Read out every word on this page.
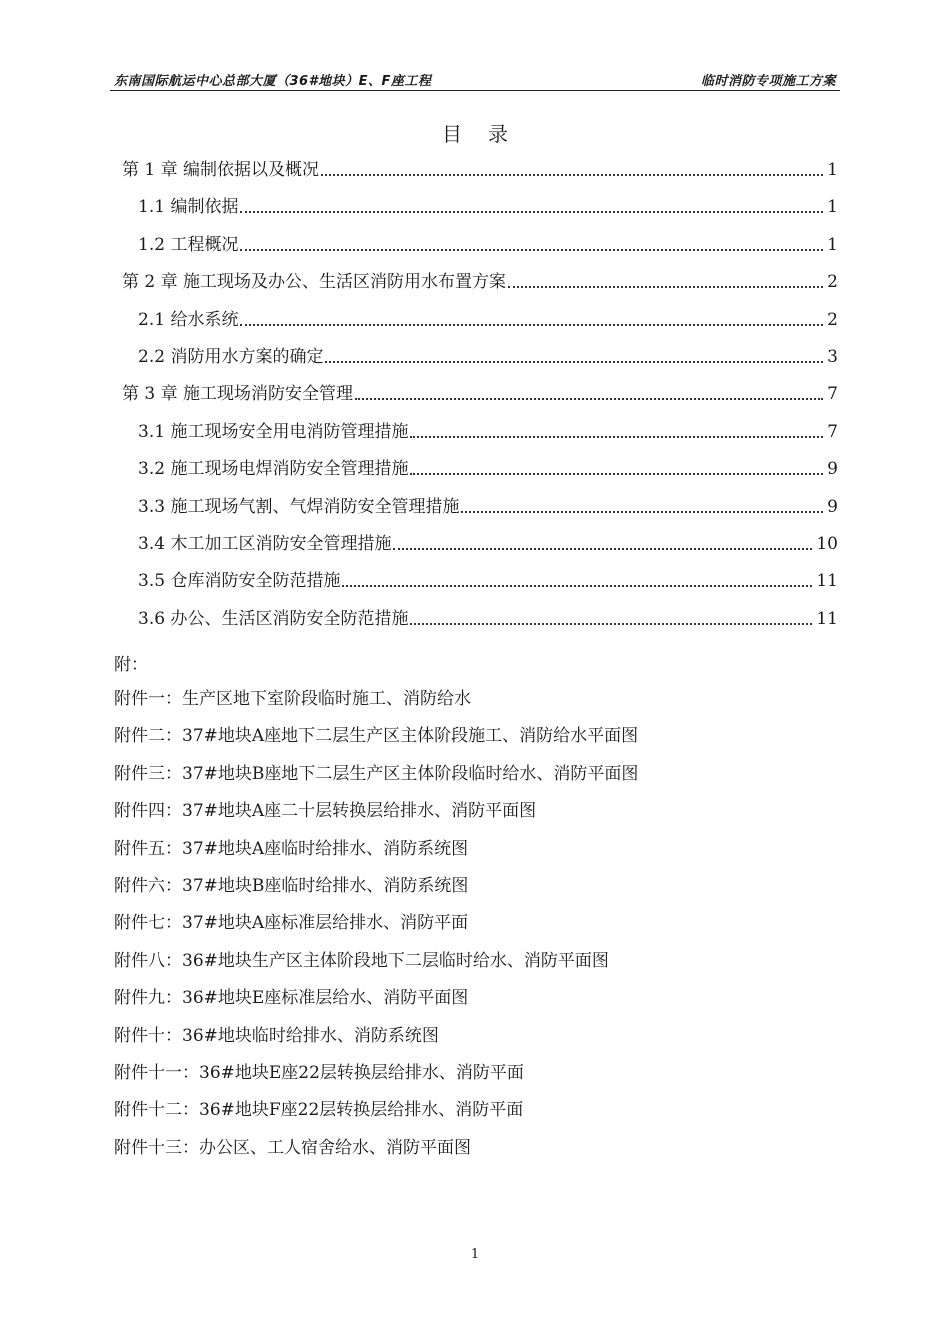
东南国际航运中心总部大厦（36#地块）E、F座工程	临时消防专项施工方案
目录
第 1 章 编制依据以及概况	1
1.1 编制依据	1
1.2 工程概况	1
第 2 章 施工现场及办公、生活区消防用水布置方案	2
2.1 给水系统	2
2.2 消防用水方案的确定	3
第 3 章 施工现场消防安全管理	7
3.1 施工现场安全用电消防管理措施	7
3.2 施工现场电焊消防安全管理措施	9
3.3 施工现场气割、气焊消防安全管理措施	9
3.4 木工加工区消防安全管理措施	10
3.5 仓库消防安全防范措施	11
3.6 办公、生活区消防安全防范措施	11
附：
附件一：生产区地下室阶段临时施工、消防给水
附件二：37#地块A座地下二层生产区主体阶段施工、消防给水平面图
附件三：37#地块B座地下二层生产区主体阶段临时给水、消防平面图
附件四：37#地块A座二十层转换层给排水、消防平面图
附件五：37#地块A座临时给排水、消防系统图
附件六：37#地块B座临时给排水、消防系统图
附件七：37#地块A座标准层给排水、消防平面
附件八：36#地块生产区主体阶段地下二层临时给水、消防平面图
附件九：36#地块E座标准层给水、消防平面图
附件十：36#地块临时给排水、消防系统图
附件十一：36#地块E座22层转换层给排水、消防平面
附件十二：36#地块F座22层转换层给排水、消防平面
附件十三：办公区、工人宿舍给水、消防平面图
1
